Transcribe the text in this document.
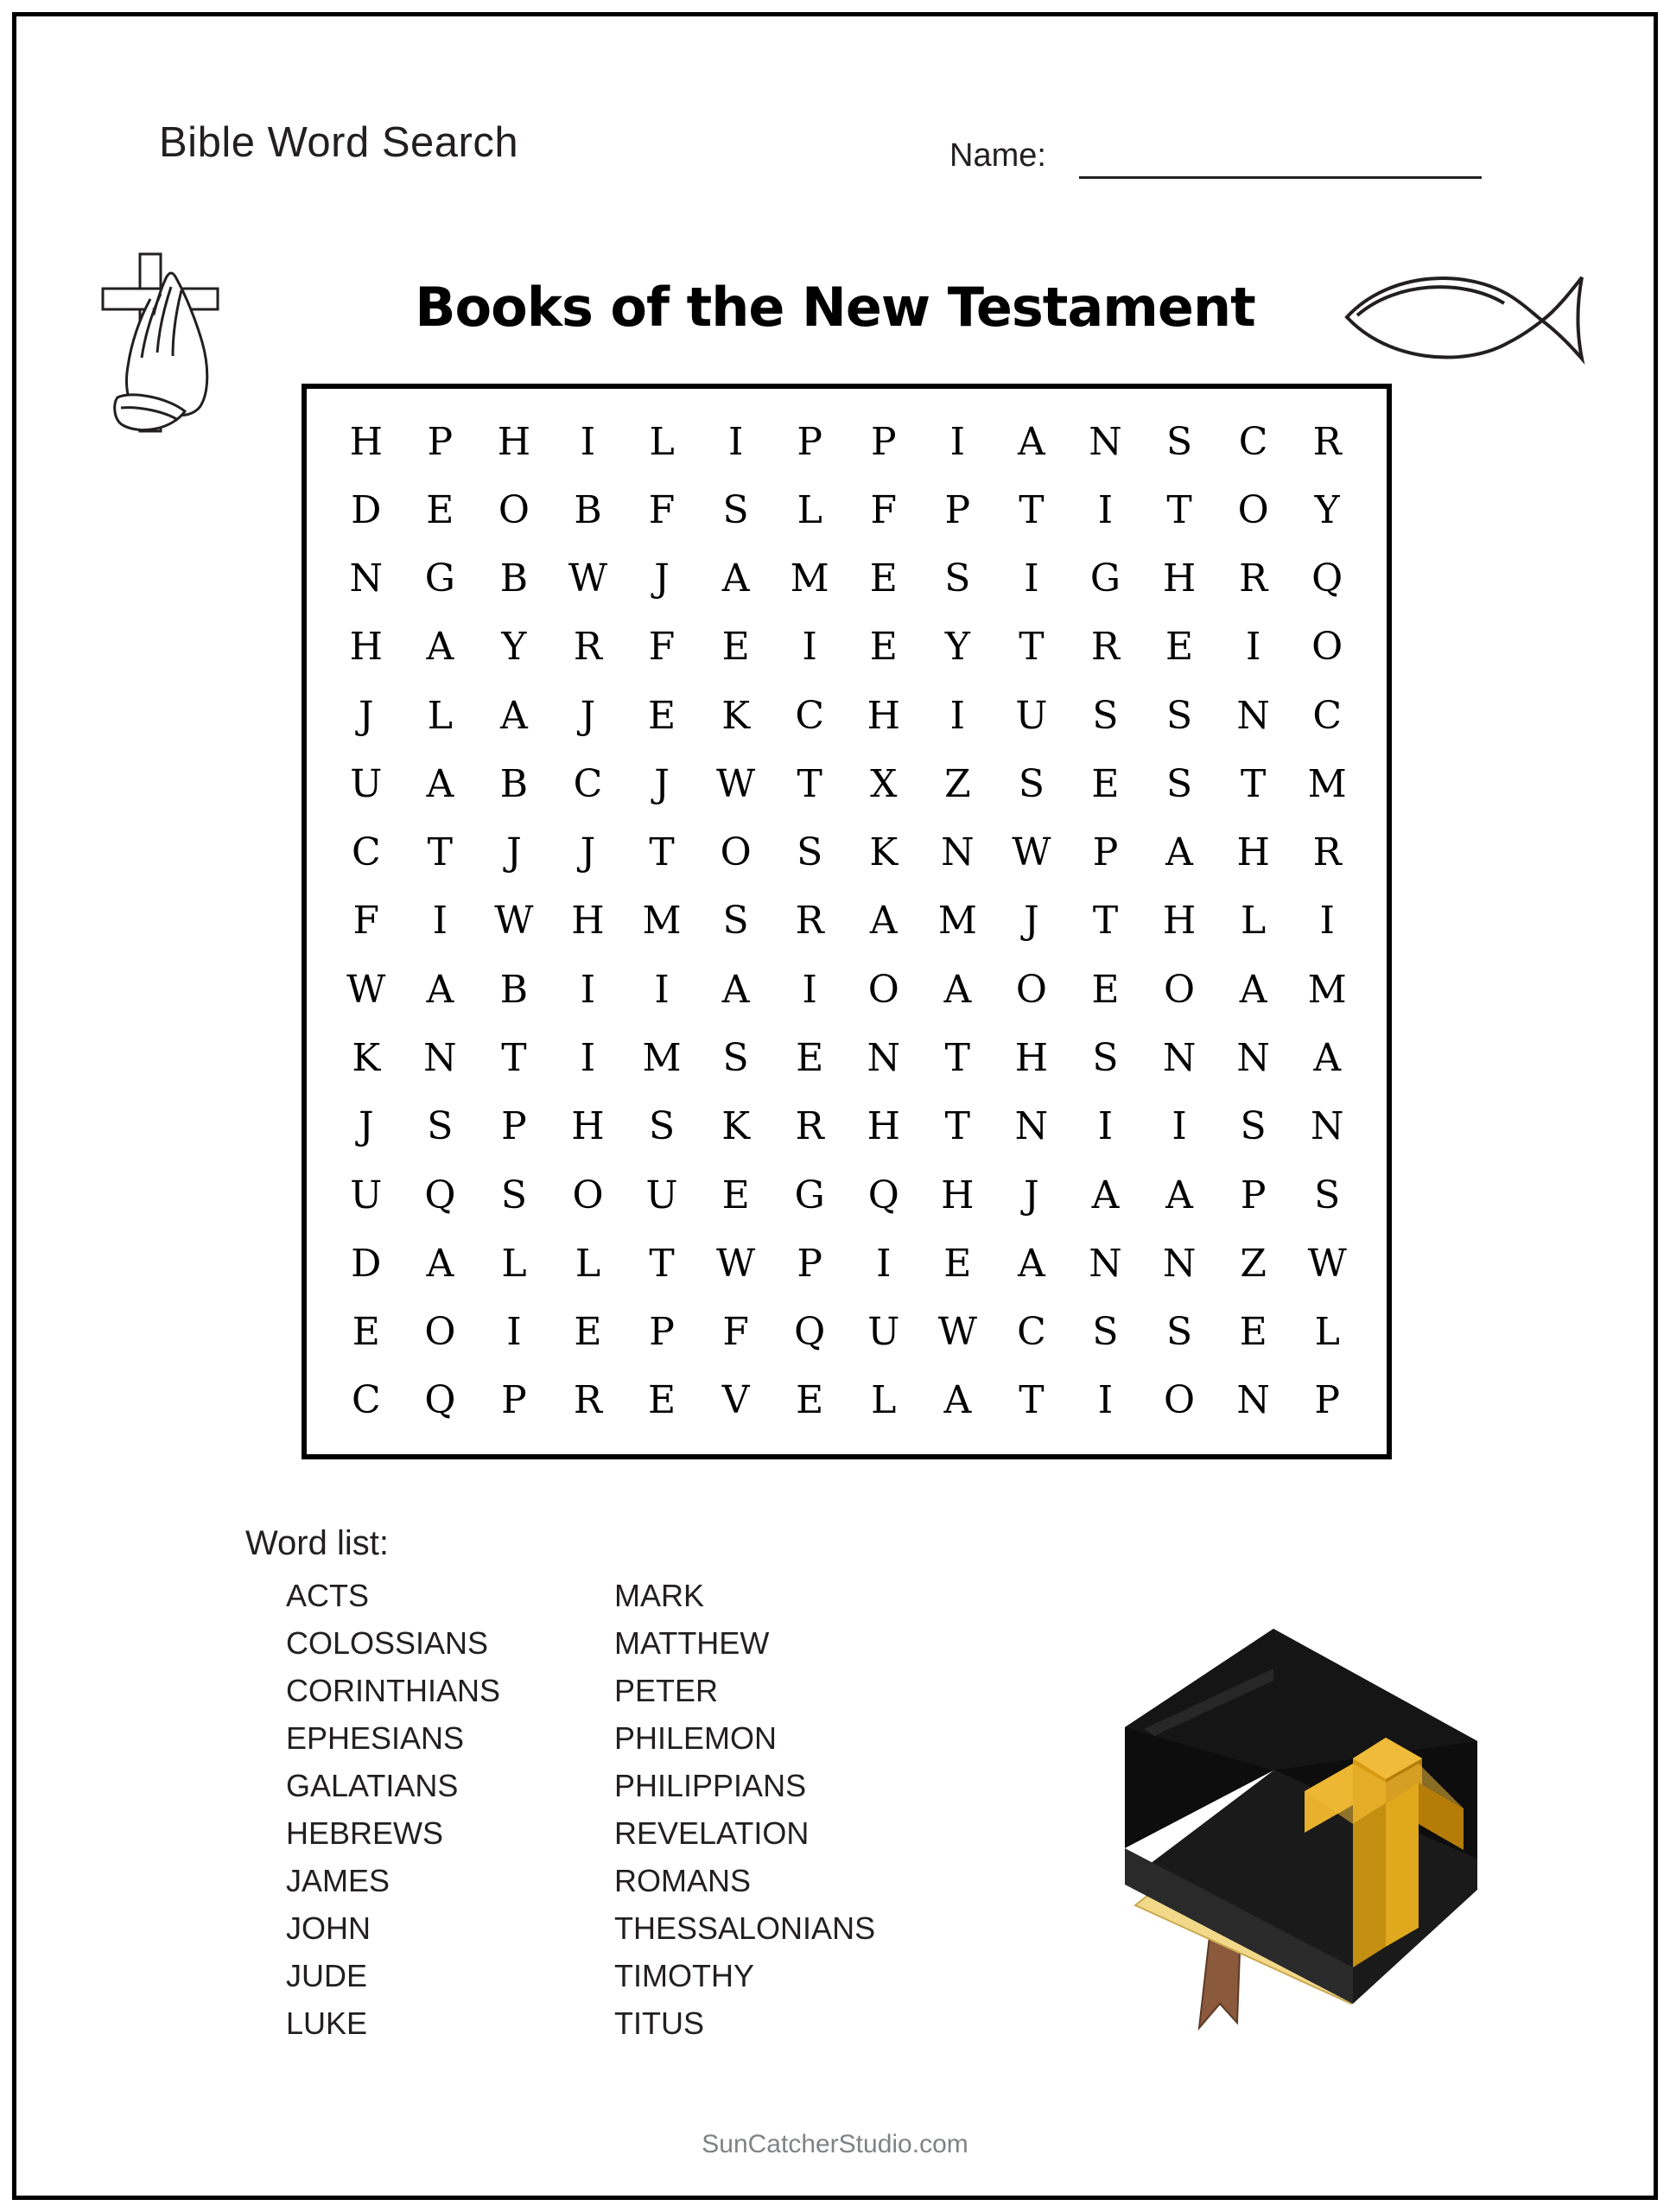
Bible Word Search	Name:
Books of the New Testament
H P H I L I P P I A N S C R
D E O B F S L F P T I T O Y
N G B W J A M E S I G H R Q
H A Y R F E I E Y T R E I O
J L A J E K C H I U S S N C
U A B C J W T X Z S E S T M
C T J J T O S K N W P A H R
F I W H M S R A M J T H L I
W A B I I A I O A O E O A M
K N T I M S E N T H S N N A
J S P H S K R H T N I I S N
U Q S O U E G Q H J A A P S
D A L L T W P I E A N N Z W
E O I E P F Q U W C S S E L
C Q P R E V E L A T I O N P
Word list:
ACTS
COLOSSIANS
CORINTHIANS
EPHESIANS
GALATIANS
HEBREWS
JAMES
JOHN
JUDE
LUKE
MARK
MATTHEW
PETER
PHILEMON
PHILIPPIANS
REVELATION
ROMANS
THESSALONIANS
TIMOTHY
TITUS
SunCatcherStudio.com
